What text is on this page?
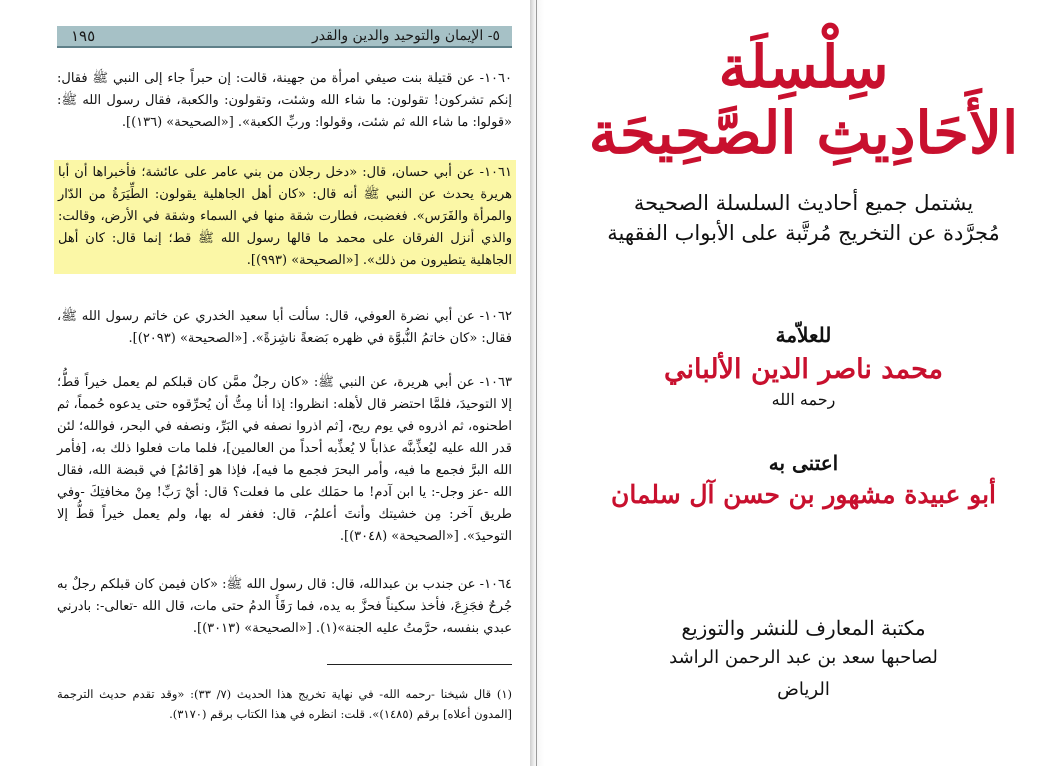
١٩٥	٥- الإيمان والتوحيد والدين والقدر

١٠٦٠- عن قتيلة بنت صيفي امرأة من جهينة، قالت: إن حبراً جاء إلى النبي ﷺ فقال: إنكم تشركون! تقولون: ما شاء الله وشئت، وتقولون: والكعبة، فقال رسول الله ﷺ: «قولوا: ما شاء الله ثم شئت، وقولوا: وربِّ الكعبة». [«الصحيحة» (١٣٦)].

١٠٦١- عن أبي حسان، قال: «دخل رجلان من بني عامر على عائشة؛ فأخبراها أن أبا هريرة يحدث عن النبي ﷺ أنه قال: «كان أهل الجاهلية يقولون: الطِّيَرَةُ من الدّار والمرأة والفَرَس». فغضبت، فطارت شقة منها في السماء وشقة في الأرض، وقالت: والذي أنزل الفرقان على محمد ما قالها رسول الله ﷺ قط؛ إنما قال: كان أهل الجاهلية يتطيرون من ذلك». [«الصحيحة» (٩٩٣)].

١٠٦٢- عن أبي نضرة العوفي، قال: سألت أبا سعيد الخدري عن خاتم رسول الله ﷺ، فقال: «كان خاتمُ النُّبوَّة في ظهره بَضعةً ناشِزةً». [«الصحيحة» (٢٠٩٣)].

١٠٦٣- عن أبي هريرة، عن النبي ﷺ: «كان رجلٌ ممَّن كان قبلكم لم يعمل خيراً قطُّ؛ إلا التوحيدَ، فلمَّا احتضر قال لأهله: انظروا: إذا أنا مِتُّ أن يُحرِّقوه حتى يدعوه حُمماً، ثم اطحنوه، ثم اذروه في يوم ريح، [ثم اذروا نصفه في البَرِّ، ونصفه في البحر، فوالله؛ لئن قدر الله عليه ليُعذِّبنَّه عذاباً لا يُعذِّبه أحداً من العالمين]، فلما مات فعلوا ذلك به، [فأمر الله البرَّ فجمع ما فيه، وأمر البحرَ فجمع ما فيه]، فإذا هو [قائمٌ] في قبضة الله، فقال الله -عز وجل-: يا ابن آدم! ما حمَلك على ما فعلت؟ قال: أيْ رَبِّ! مِنْ مخافتِكَ -وفي طريق آخر: مِن خشيتك وأنتَ أعلمُ-، قال: فغفر له بها، ولم يعمل خيراً قطُّ إلا التوحيدَ». [«الصحيحة» (٣٠٤٨)].

١٠٦٤- عن جندب بن عبدالله، قال: قال رسول الله ﷺ: «كان فيمن كان قبلكم رجلٌ به جُرحٌ فجَزِعَ، فأخذ سكيناً فحزَّ به يده، فما رَقَأَ الدمُ حتى مات، قال الله -تعالى-: بادرني عبدي بنفسه، حرَّمتُ عليه الجنة»(١). [«الصحيحة» (٣٠١٣)].

(١) قال شيخنا -رحمه الله- في نهاية تخريج هذا الحديث (٧/ ٣٣): «وقد تقدم حديث الترجمة [المدون أعلاه] برقم (١٤٨٥)». قلت: انظره في هذا الكتاب برقم (٣١٧٠).
سِلْسِلَة
الأَحَادِيثِ الصَّحِيحَة
يشتمل جميع أحاديث السلسلة الصحيحة
مُجرَّدة عن التخريج مُرتَّبة على الأبواب الفقهية
للعلاّمة
محمد ناصر الدين الألباني
رحمه الله
اعتنى به
أبو عبيدة مشهور بن حسن آل سلمان
مكتبة المعارف للنشر والتوزيع
لصاحبها سعد بن عبد الرحمن الراشد
الرياض
